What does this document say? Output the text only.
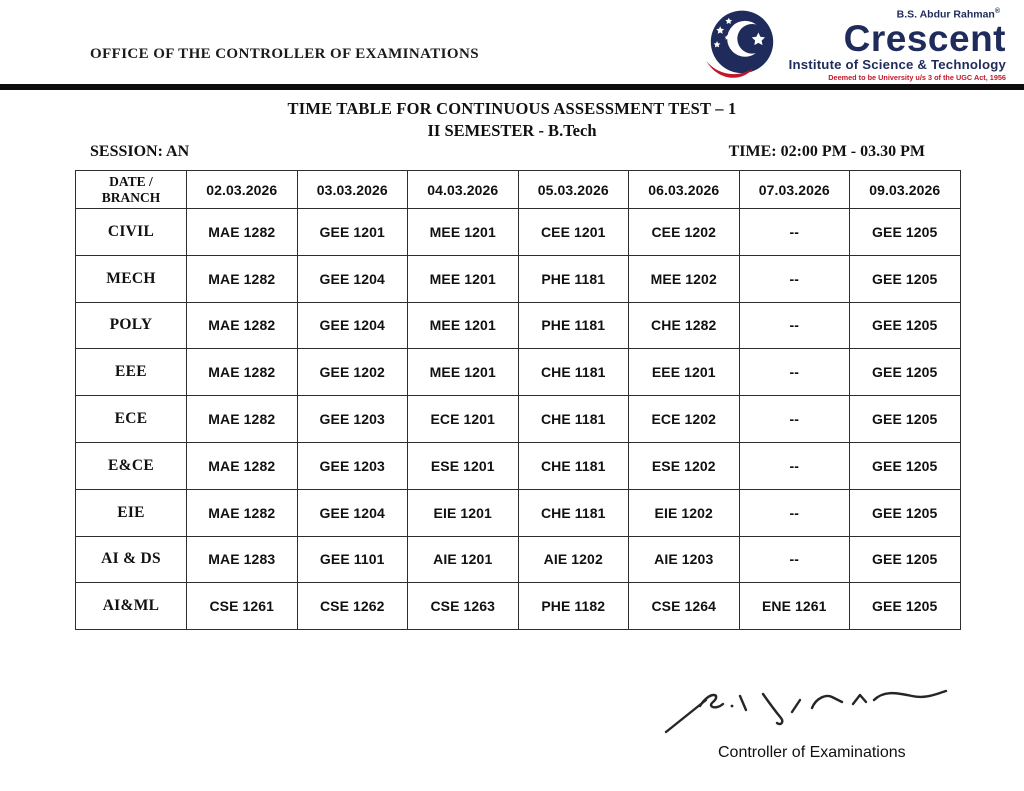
OFFICE OF THE CONTROLLER OF EXAMINATIONS
B.S. Abdur Rahman®
Crescent
Institute of Science & Technology
Deemed to be University u/s 3 of the UGC Act, 1956
TIME TABLE FOR CONTINUOUS ASSESSMENT TEST – 1
II SEMESTER - B.Tech
SESSION: AN	TIME: 02:00 PM - 03.30 PM
DATE /
BRANCH	02.03.2026	03.03.2026	04.03.2026	05.03.2026	06.03.2026	07.03.2026	09.03.2026
CIVIL	MAE 1282	GEE 1201	MEE 1201	CEE 1201	CEE 1202	--	GEE 1205
MECH	MAE 1282	GEE 1204	MEE 1201	PHE 1181	MEE 1202	--	GEE 1205
POLY	MAE 1282	GEE 1204	MEE 1201	PHE 1181	CHE 1282	--	GEE 1205
EEE	MAE 1282	GEE 1202	MEE 1201	CHE 1181	EEE 1201	--	GEE 1205
ECE	MAE 1282	GEE 1203	ECE 1201	CHE 1181	ECE 1202	--	GEE 1205
E&CE	MAE 1282	GEE 1203	ESE 1201	CHE 1181	ESE 1202	--	GEE 1205
EIE	MAE 1282	GEE 1204	EIE 1201	CHE 1181	EIE 1202	--	GEE 1205
AI & DS	MAE 1283	GEE 1101	AIE 1201	AIE 1202	AIE 1203	--	GEE 1205
AI&ML	CSE 1261	CSE 1262	CSE 1263	PHE 1182	CSE 1264	ENE 1261	GEE 1205
Controller of Examinations
